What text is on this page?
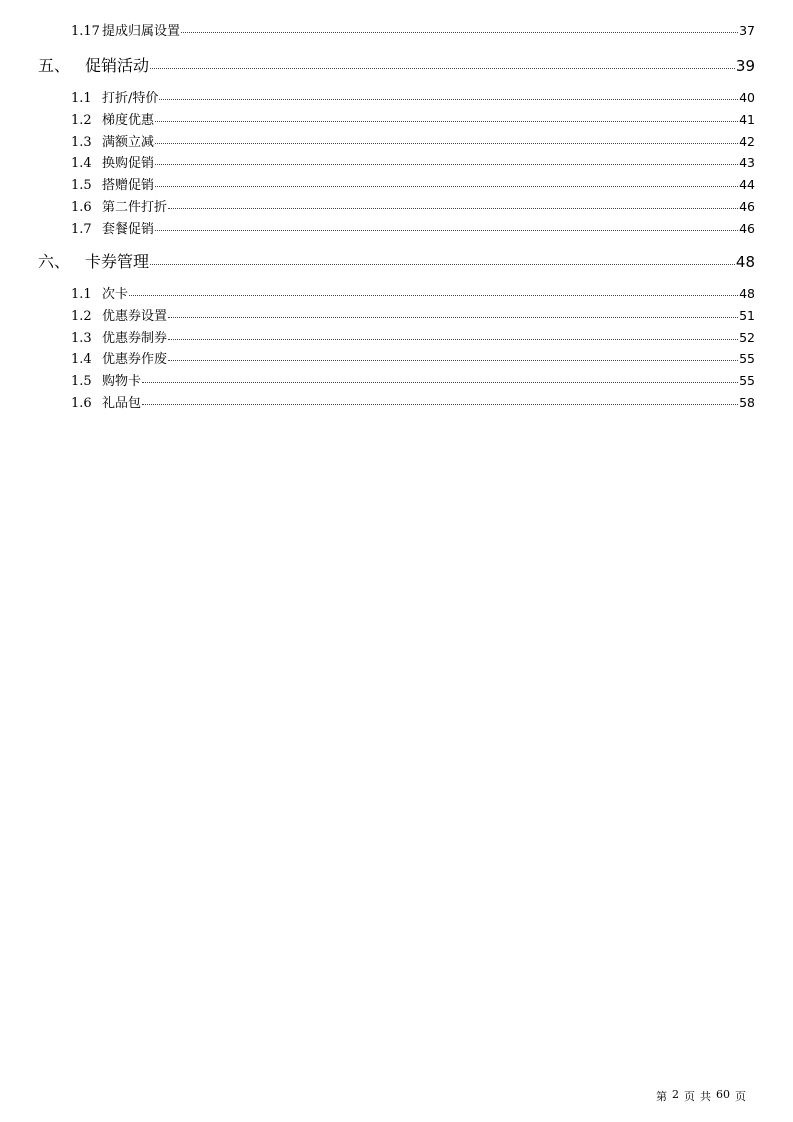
1.17 提成归属设置	37
五、 促销活动	39
1.1 打折/特价	40
1.2 梯度优惠	41
1.3 满额立减	42
1.4 换购促销	43
1.5 搭赠促销	44
1.6 第二件打折	46
1.7 套餐促销	46
六、 卡券管理	48
1.1 次卡	48
1.2 优惠券设置	51
1.3 优惠券制券	52
1.4 优惠券作废	55
1.5 购物卡	55
1.6 礼品包	58
第 2 页 共 60 页
